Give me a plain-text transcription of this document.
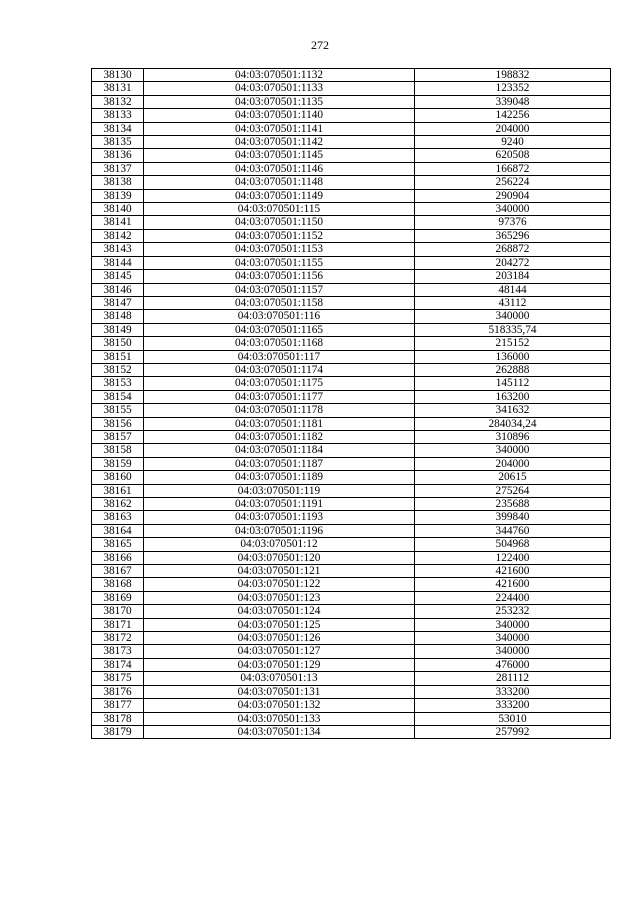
272
38130	04:03:070501:1132	198832
38131	04:03:070501:1133	123352
38132	04:03:070501:1135	339048
38133	04:03:070501:1140	142256
38134	04:03:070501:1141	204000
38135	04:03:070501:1142	9240
38136	04:03:070501:1145	620508
38137	04:03:070501:1146	166872
38138	04:03:070501:1148	256224
38139	04:03:070501:1149	290904
38140	04:03:070501:115	340000
38141	04:03:070501:1150	97376
38142	04:03:070501:1152	365296
38143	04:03:070501:1153	268872
38144	04:03:070501:1155	204272
38145	04:03:070501:1156	203184
38146	04:03:070501:1157	48144
38147	04:03:070501:1158	43112
38148	04:03:070501:116	340000
38149	04:03:070501:1165	518335,74
38150	04:03:070501:1168	215152
38151	04:03:070501:117	136000
38152	04:03:070501:1174	262888
38153	04:03:070501:1175	145112
38154	04:03:070501:1177	163200
38155	04:03:070501:1178	341632
38156	04:03:070501:1181	284034,24
38157	04:03:070501:1182	310896
38158	04:03:070501:1184	340000
38159	04:03:070501:1187	204000
38160	04:03:070501:1189	20615
38161	04:03:070501:119	275264
38162	04:03:070501:1191	235688
38163	04:03:070501:1193	399840
38164	04:03:070501:1196	344760
38165	04:03:070501:12	504968
38166	04:03:070501:120	122400
38167	04:03:070501:121	421600
38168	04:03:070501:122	421600
38169	04:03:070501:123	224400
38170	04:03:070501:124	253232
38171	04:03:070501:125	340000
38172	04:03:070501:126	340000
38173	04:03:070501:127	340000
38174	04:03:070501:129	476000
38175	04:03:070501:13	281112
38176	04:03:070501:131	333200
38177	04:03:070501:132	333200
38178	04:03:070501:133	53010
38179	04:03:070501:134	257992
